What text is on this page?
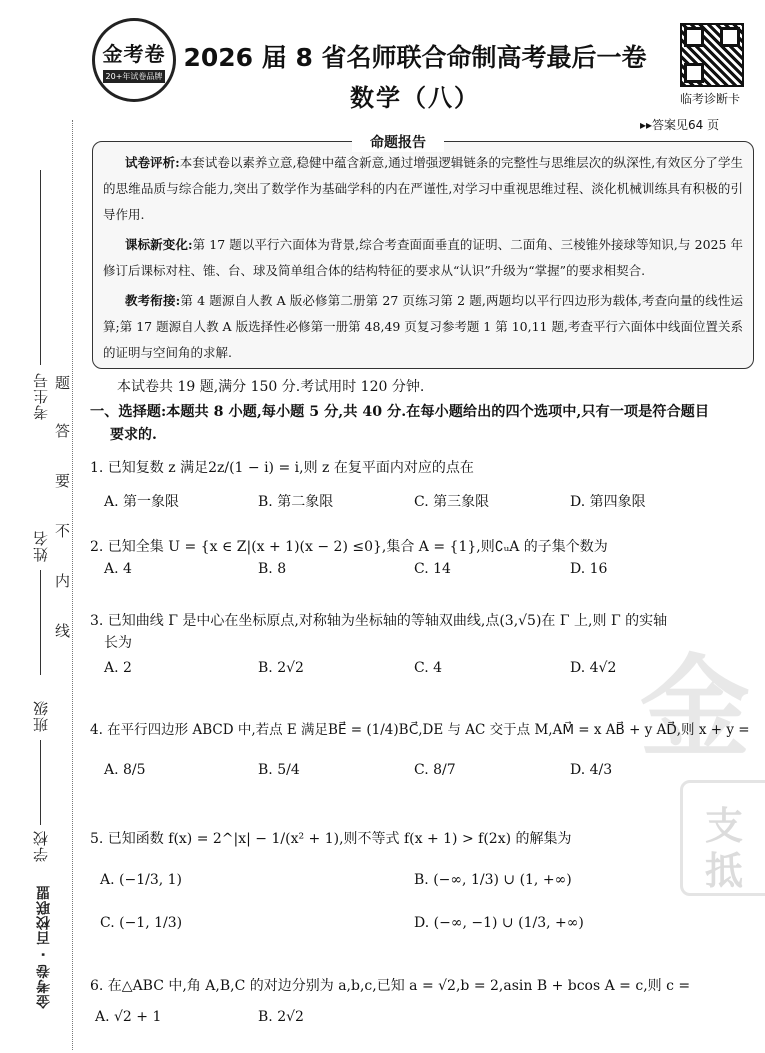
考生号
姓名
班级
学校
金考卷 · 百校联盟
题
答
要
不
内
线
金考卷
20+年试卷品牌
2026 届 8 省名师联合命制高考最后一卷
数学（八）	临考诊断卡
▸▸答案见64 页
命题报告
试卷评析:本套试卷以素养立意,稳健中蕴含新意,通过增强逻辑链条的完整性与思维层次的纵深性,有效区分了学生的思维品质与综合能力,突出了数学作为基础学科的内在严谨性,对学习中重视思维过程、淡化机械训练具有积极的引导作用.
课标新变化:第 17 题以平行六面体为背景,综合考查面面垂直的证明、二面角、三棱锥外接球等知识,与 2025 年修订后课标对柱、锥、台、球及简单组合体的结构特征的要求从“认识”升级为“掌握”的要求相契合.
教考衔接:第 4 题源自人教 A 版必修第二册第 27 页练习第 2 题,两题均以平行四边形为载体,考查向量的线性运算;第 17 题源自人教 A 版选择性必修第一册第 48,49 页复习参考题 1 第 10,11 题,考查平行六面体中线面位置关系的证明与空间角的求解.
金
支
抵
本试卷共 19 题,满分 150 分.考试用时 120 分钟.
一、选择题:本题共 8 小题,每小题 5 分,共 40 分.在每小题给出的四个选项中,只有一项是符合题目
要求的.
1. 已知复数 z 满足2z/(1 − i) = i,则 z 在复平面内对应的点在
A. 第一象限	B. 第二象限	C. 第三象限	D. 第四象限
2. 已知全集 U = {x ∈ Z|(x + 1)(x − 2) ≤0},集合 A = {1},则∁ᵤA 的子集个数为
A. 4	B. 8	C. 14	D. 16
3. 已知曲线 Γ 是中心在坐标原点,对称轴为坐标轴的等轴双曲线,点(3,√5)在 Γ 上,则 Γ 的实轴
长为
A. 2	B. 2√2	C. 4	D. 4√2
4. 在平行四边形 ABCD 中,若点 E 满足BE⃗ = (1/4)BC⃗,DE 与 AC 交于点 M,AM⃗ = x AB⃗ + y AD⃗,则 x + y =
A. 8/5	B. 5/4	C. 8/7	D. 4/3
5. 已知函数 f(x) = 2^|x| − 1/(x² + 1),则不等式 f(x + 1) > f(2x) 的解集为
A. (−1/3, 1)	B. (−∞, 1/3) ∪ (1, +∞)
C. (−1, 1/3)	D. (−∞, −1) ∪ (1/3, +∞)
6. 在△ABC 中,角 A,B,C 的对边分别为 a,b,c,已知 a = √2,b = 2,asin B + bcos A = c,则 c =
A. √2 + 1	B. 2√2
